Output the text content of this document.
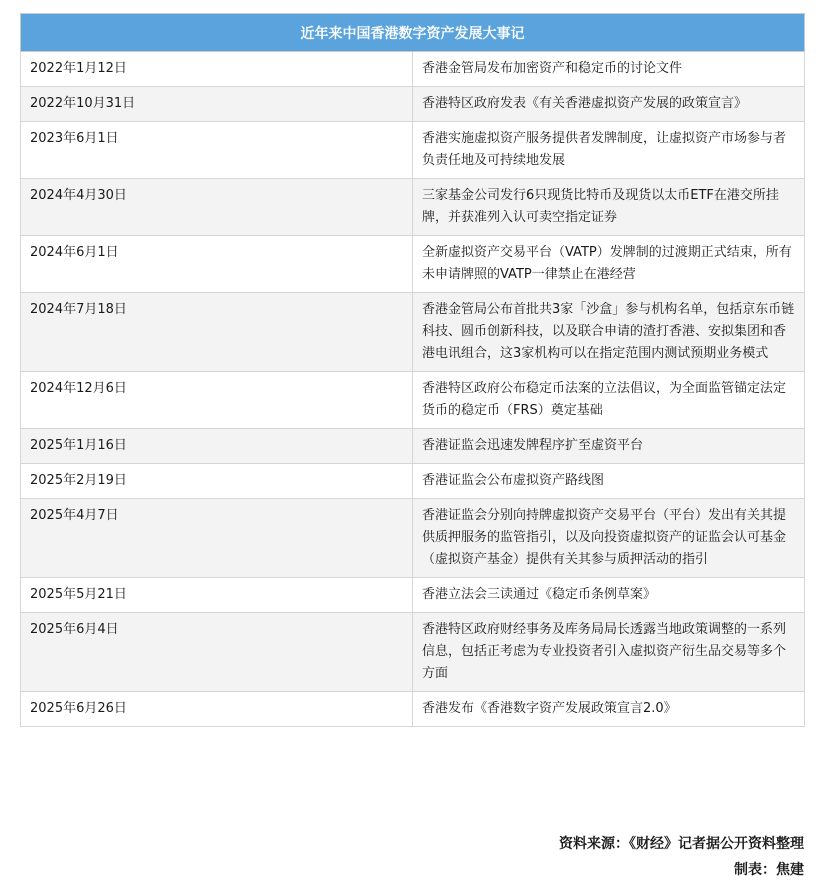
近年来中国香港数字资产发展大事记	
2022年1月12日	香港金管局发布加密资产和稳定币的讨论文件
2022年10月31日	香港特区政府发表《有关香港虚拟资产发展的政策宣言》
2023年6月1日	香港实施虚拟资产服务提供者发牌制度，让虚拟资产市场参与者负责任地及可持续地发展
2024年4月30日	三家基金公司发行6只现货比特币及现货以太币ETF在港交所挂牌，并获准列入认可卖空指定证券
2024年6月1日	全新虚拟资产交易平台（VATP）发牌制的过渡期正式结束，所有未申请牌照的VATP一律禁止在港经营
2024年7月18日	香港金管局公布首批共3家「沙盒」参与机构名单，包括京东币链科技、圆币创新科技，以及联合申请的渣打香港、安拟集团和香港电讯组合，这3家机构可以在指定范围内测试预期业务模式
2024年12月6日	香港特区政府公布稳定币法案的立法倡议，为全面监管锚定法定货币的稳定币（FRS）奠定基础
2025年1月16日	香港证监会迅速发牌程序扩至虚资平台
2025年2月19日	香港证监会公布虚拟资产路线图
2025年4月7日	香港证监会分别向持牌虚拟资产交易平台（平台）发出有关其提供质押服务的监管指引，以及向投资虚拟资产的证监会认可基金（虚拟资产基金）提供有关其参与质押活动的指引
2025年5月21日	香港立法会三读通过《稳定币条例草案》
2025年6月4日	香港特区政府财经事务及库务局局长透露当地政策调整的一系列信息，包括正考虑为专业投资者引入虚拟资产衍生品交易等多个方面
2025年6月26日	香港发布《香港数字资产发展政策宣言2.0》
资料来源：《财经》记者据公开资料整理
制表：焦建
